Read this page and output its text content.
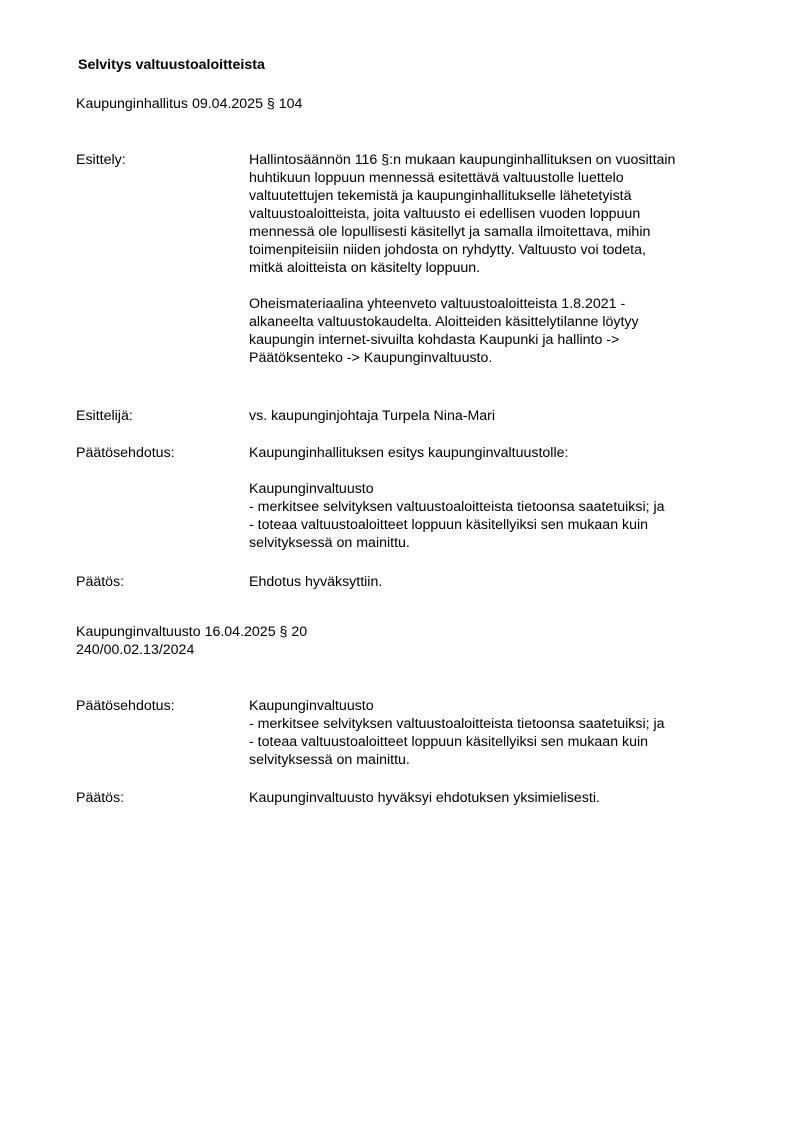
Selvitys valtuustoaloitteista
Kaupunginhallitus 09.04.2025 § 104
Esittely:	Hallintosäännön 116 §:n mukaan kaupunginhallituksen on vuosittain

huhtikuun loppuun mennessä esitettävä valtuustolle luettelo

valtuutettujen tekemistä ja kaupunginhallitukselle lähetetyistä

valtuustoaloitteista, joita valtuusto ei edellisen vuoden loppuun

mennessä ole lopullisesti käsitellyt ja samalla ilmoitettava, mihin

toimenpiteisiin niiden johdosta on ryhdytty. Valtuusto voi todeta,

mitkä aloitteista on käsitelty loppuun.

Oheismateriaalina yhteenveto valtuustoaloitteista 1.8.2021 -

alkaneelta valtuustokaudelta. Aloitteiden käsittelytilanne löytyy

kaupungin internet-sivuilta kohdasta Kaupunki ja hallinto ->

Päätöksenteko -> Kaupunginvaltuusto.

Esittelijä:	vs. kaupunginjohtaja Turpela Nina-Mari

Päätösehdotus:	Kaupunginhallituksen esitys kaupunginvaltuustolle:

Kaupunginvaltuusto

- merkitsee selvityksen valtuustoaloitteista tietoonsa saatetuiksi; ja

- toteaa valtuustoaloitteet loppuun käsitellyiksi sen mukaan kuin

selvityksessä on mainittu.

Päätös:	Ehdotus hyväksyttiin.

Kaupunginvaltuusto 16.04.2025 § 20
240/00.02.13/2024
Päätösehdotus:	Kaupunginvaltuusto

- merkitsee selvityksen valtuustoaloitteista tietoonsa saatetuiksi; ja

- toteaa valtuustoaloitteet loppuun käsitellyiksi sen mukaan kuin

selvityksessä on mainittu.

Päätös:	Kaupunginvaltuusto hyväksyi ehdotuksen yksimielisesti.
